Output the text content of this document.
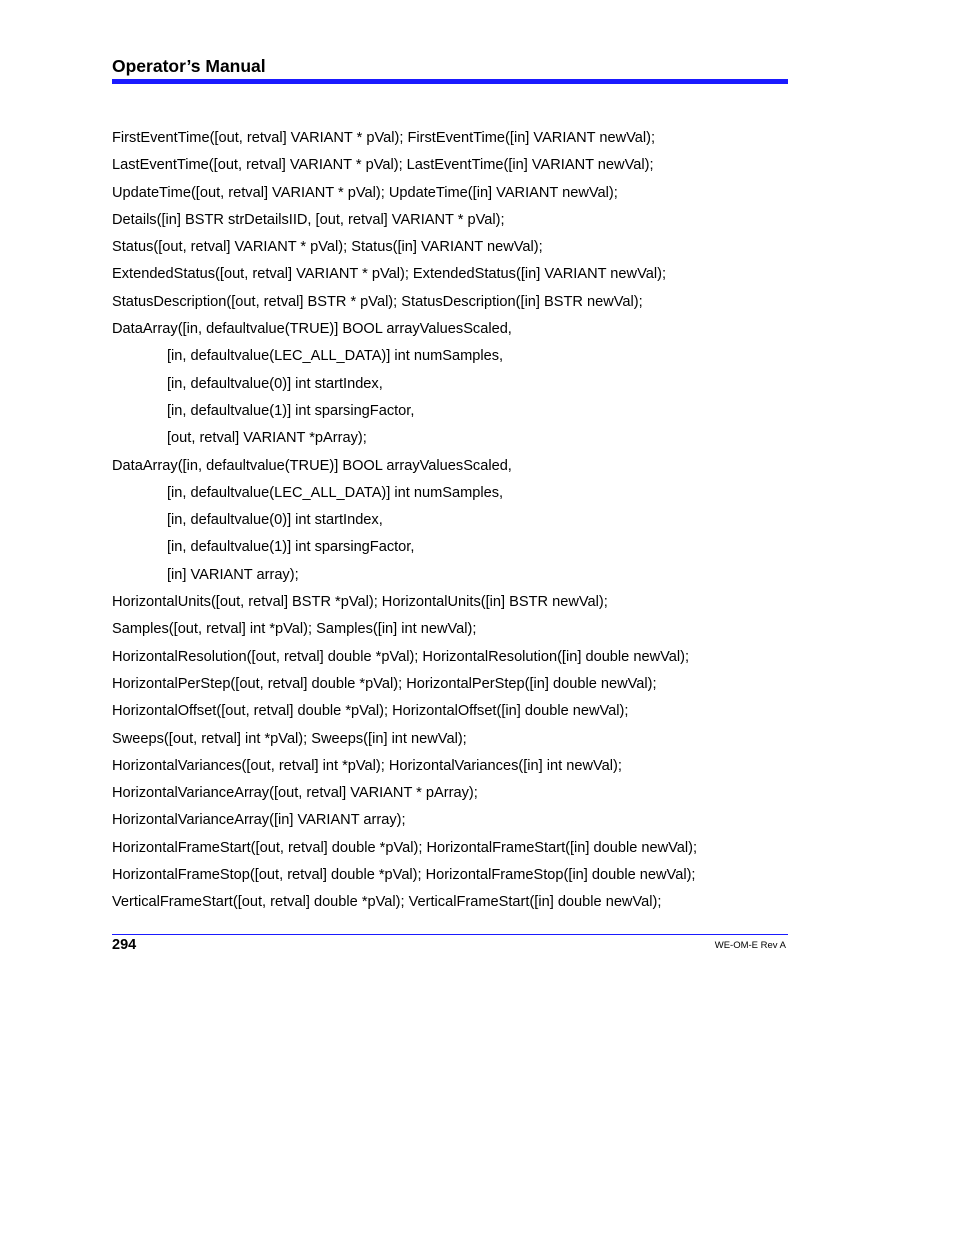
Operator’s Manual
FirstEventTime([out, retval] VARIANT * pVal); FirstEventTime([in] VARIANT newVal);
LastEventTime([out, retval] VARIANT * pVal); LastEventTime([in] VARIANT newVal);
UpdateTime([out, retval] VARIANT * pVal); UpdateTime([in] VARIANT newVal);
Details([in] BSTR strDetailsIID, [out, retval] VARIANT * pVal);
Status([out, retval] VARIANT * pVal); Status([in] VARIANT newVal);
ExtendedStatus([out, retval] VARIANT * pVal); ExtendedStatus([in] VARIANT newVal);
StatusDescription([out, retval] BSTR * pVal); StatusDescription([in] BSTR newVal);
DataArray([in, defaultvalue(TRUE)] BOOL arrayValuesScaled,
[in, defaultvalue(LEC_ALL_DATA)] int numSamples,
[in, defaultvalue(0)] int startIndex,
[in, defaultvalue(1)] int sparsingFactor,
[out, retval] VARIANT *pArray);
DataArray([in, defaultvalue(TRUE)] BOOL arrayValuesScaled,
[in, defaultvalue(LEC_ALL_DATA)] int numSamples,
[in, defaultvalue(0)] int startIndex,
[in, defaultvalue(1)] int sparsingFactor,
[in] VARIANT array);
HorizontalUnits([out, retval] BSTR *pVal); HorizontalUnits([in] BSTR newVal);
Samples([out, retval] int *pVal); Samples([in] int newVal);
HorizontalResolution([out, retval] double *pVal); HorizontalResolution([in] double newVal);
HorizontalPerStep([out, retval] double *pVal); HorizontalPerStep([in] double newVal);
HorizontalOffset([out, retval] double *pVal); HorizontalOffset([in] double newVal);
Sweeps([out, retval] int *pVal); Sweeps([in] int newVal);
HorizontalVariances([out, retval] int *pVal); HorizontalVariances([in] int newVal);
HorizontalVarianceArray([out, retval] VARIANT * pArray);
HorizontalVarianceArray([in] VARIANT array);
HorizontalFrameStart([out, retval] double *pVal); HorizontalFrameStart([in] double newVal);
HorizontalFrameStop([out, retval] double *pVal); HorizontalFrameStop([in] double newVal);
VerticalFrameStart([out, retval] double *pVal); VerticalFrameStart([in] double newVal);
294	WE-OM-E Rev A
